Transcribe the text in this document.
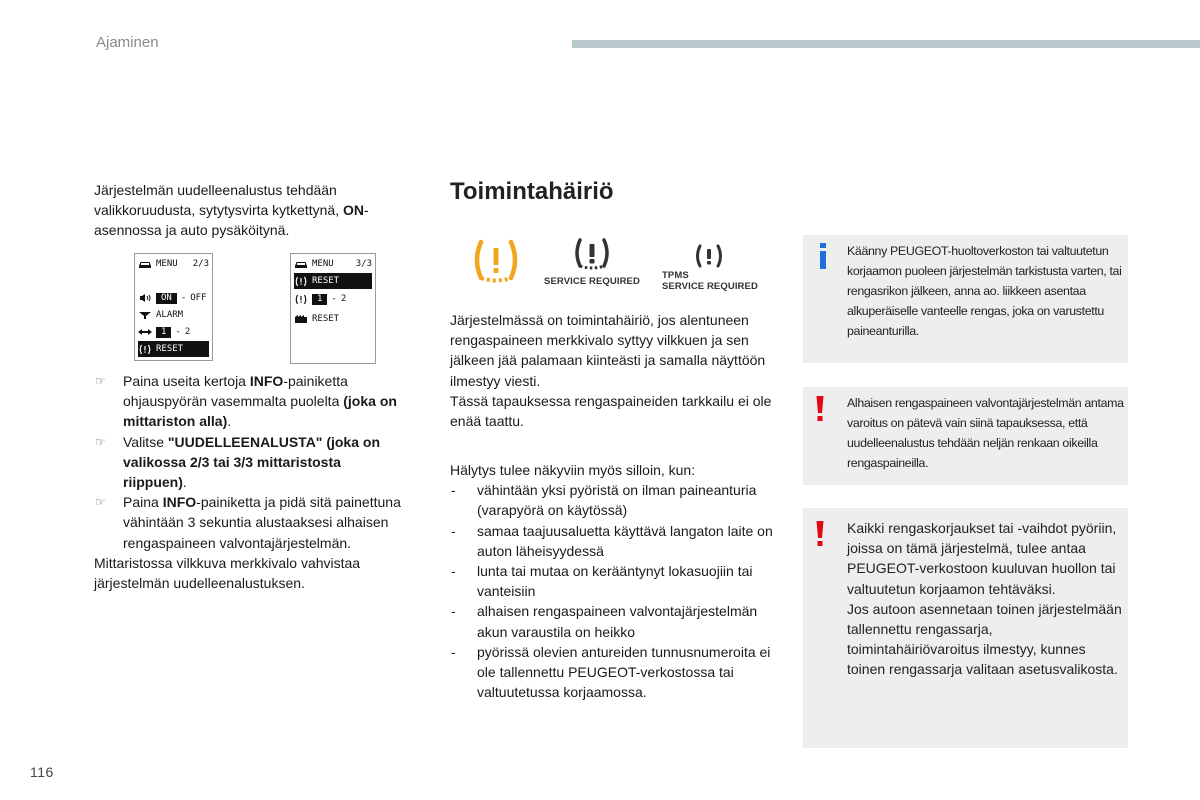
Ajaminen
Järjestelmän uudelleenalustus tehdään valikkoruudusta, sytytysvirta kytkettynä, ON-asennossa ja auto pysäköitynä.
MENU 2/3
ON	- OFF
ALARM
1	- 2
RESET
MENU 3/3
RESET
1	- 2
RESET
☞ Paina useita kertoja INFO-painiketta ohjauspyörän vasemmalta puolelta (joka on mittariston alla).
☞ Valitse "UUDELLEENALUSTA" (joka on valikossa 2/3 tai 3/3 mittaristosta riippuen).
☞ Paina INFO-painiketta ja pidä sitä painettuna vähintään 3 sekuntia alustaaksesi alhaisen rengaspaineen valvontajärjestelmän.
Mittaristossa vilkkuva merkkivalo vahvistaa järjestelmän uudelleenalustuksen.
Toimintahäiriö
SERVICE REQUIRED
TPMS
SERVICE REQUIRED
Järjestelmässä on toimintahäiriö, jos alentuneen rengaspaineen merkkivalo syttyy vilkkuen ja sen jälkeen jää palamaan kiinteästi ja samalla näyttöön ilmestyy viesti.
Tässä tapauksessa rengaspaineiden tarkkailu ei ole enää taattu.
Hälytys tulee näkyviin myös silloin, kun:
- vähintään yksi pyöristä on ilman paineanturia (varapyörä on käytössä)
- samaa taajuusaluetta käyttävä langaton laite on auton läheisyydessä
- lunta tai mutaa on kerääntynyt lokasuojiin tai vanteisiin
- alhaisen rengaspaineen valvontajärjestelmän akun varaustila on heikko
- pyörissä olevien antureiden tunnusnumeroita ei ole tallennettu PEUGEOT-verkostossa tai valtuutetussa korjaamossa.
Käänny PEUGEOT-huoltoverkoston tai valtuutetun korjaamon puoleen järjestelmän tarkistusta varten, tai rengasrikon jälkeen, anna ao. liikkeen asentaa alkuperäiselle vanteelle rengas, joka on varustettu paineanturilla.
Alhaisen rengaspaineen valvontajärjestelmän antama varoitus on pätevä vain siinä tapauksessa, että uudelleenalustus tehdään neljän renkaan oikeilla rengaspaineilla.
Kaikki rengaskorjaukset tai -vaihdot pyöriin, joissa on tämä järjestelmä, tulee antaa PEUGEOT-verkostoon kuuluvan huollon tai valtuutetun korjaamon tehtäväksi.
Jos autoon asennetaan toinen järjestelmään tallennettu rengassarja, toimintahäiriövaroitus ilmestyy, kunnes toinen rengassarja valitaan asetusvalikosta.
116
